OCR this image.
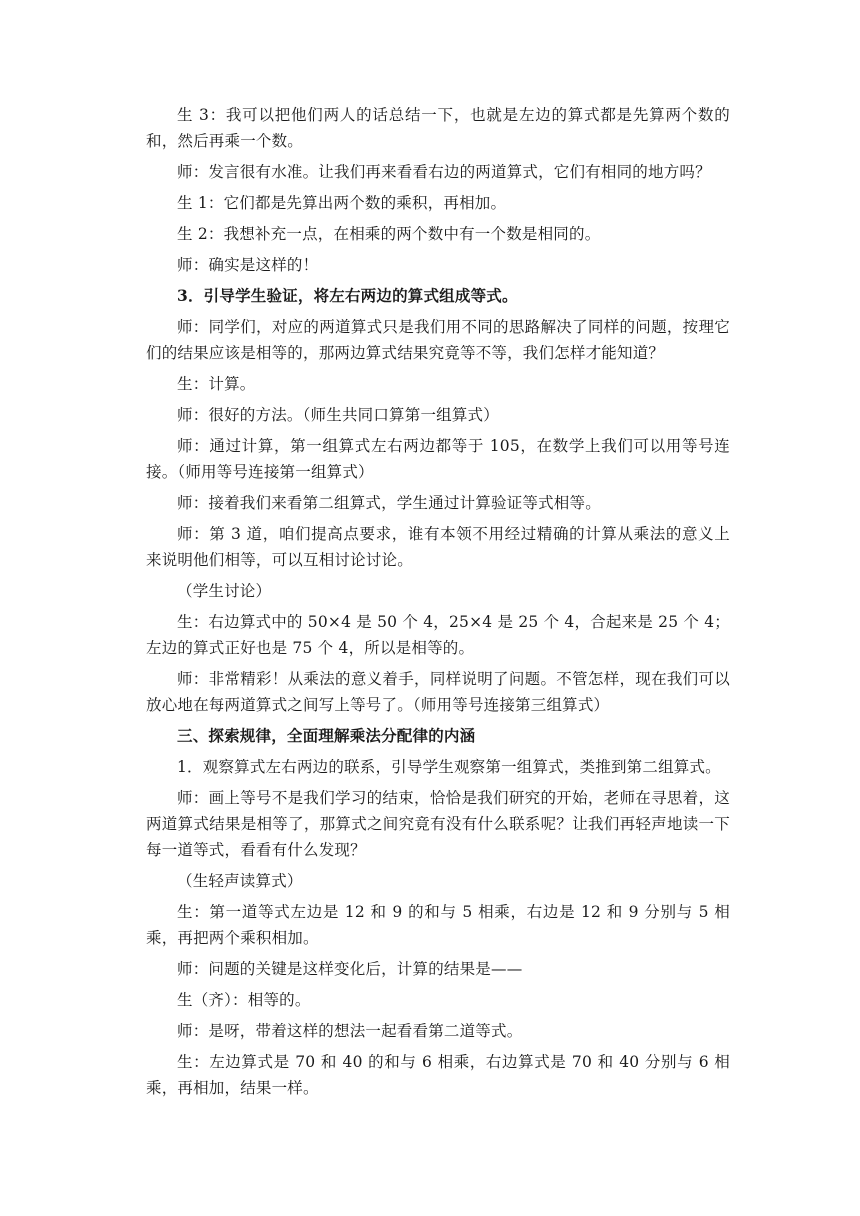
生 3：我可以把他们两人的话总结一下，也就是左边的算式都是先算两个数的和，然后再乘一个数。

师：发言很有水准。让我们再来看看右边的两道算式，它们有相同的地方吗？

生 1：它们都是先算出两个数的乘积，再相加。

生 2：我想补充一点，在相乘的两个数中有一个数是相同的。

师：确实是这样的！

3．引导学生验证，将左右两边的算式组成等式。

师：同学们，对应的两道算式只是我们用不同的思路解决了同样的问题，按理它们的结果应该是相等的，那两边算式结果究竟等不等，我们怎样才能知道？

生：计算。

师：很好的方法。（师生共同口算第一组算式）

师：通过计算，第一组算式左右两边都等于 105，在数学上我们可以用等号连接。（师用等号连接第一组算式）

师：接着我们来看第二组算式，学生通过计算验证等式相等。

师：第 3 道，咱们提高点要求，谁有本领不用经过精确的计算从乘法的意义上来说明他们相等，可以互相讨论讨论。

（学生讨论）

生：右边算式中的 50×4 是 50 个 4，25×4 是 25 个 4，合起来是 25 个 4；左边的算式正好也是 75 个 4，所以是相等的。

师：非常精彩！从乘法的意义着手，同样说明了问题。不管怎样，现在我们可以放心地在每两道算式之间写上等号了。（师用等号连接第三组算式）

三、探索规律，全面理解乘法分配律的内涵

1．观察算式左右两边的联系，引导学生观察第一组算式，类推到第二组算式。

师：画上等号不是我们学习的结束，恰恰是我们研究的开始，老师在寻思着，这两道算式结果是相等了，那算式之间究竟有没有什么联系呢？让我们再轻声地读一下每一道等式，看看有什么发现？

（生轻声读算式）

生：第一道等式左边是 12 和 9 的和与 5 相乘，右边是 12 和 9 分别与 5 相乘，再把两个乘积相加。

师：问题的关键是这样变化后，计算的结果是——

生（齐）：相等的。

师：是呀，带着这样的想法一起看看第二道等式。

生：左边算式是 70 和 40 的和与 6 相乘，右边算式是 70 和 40 分别与 6 相乘，再相加，结果一样。
